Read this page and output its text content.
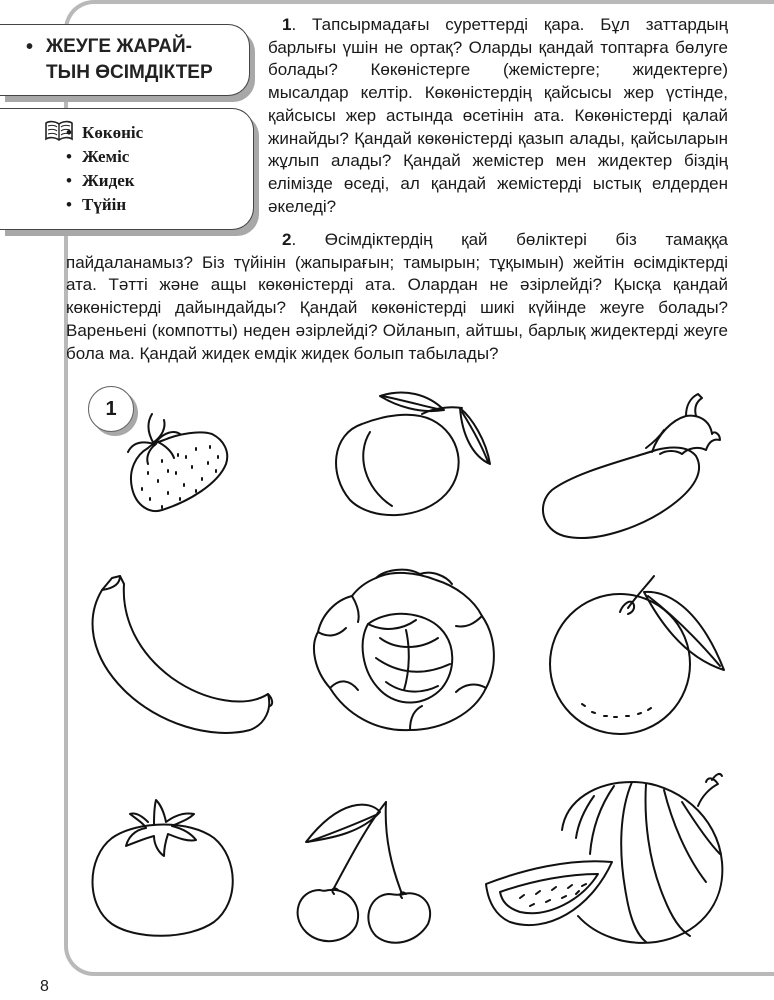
• ЖЕУГЕ ЖАРАЙ-
ТЫН ӨСІМДІКТЕР
• Көкөніс
• Жеміс
• Жидек
• Түйін
1. Тапсырмадағы суреттерді қара. Бұл заттардың барлығы үшін не ортақ? Оларды қандай топтарға бөлуге болады? Көкөністерге (жемістерге; жидектерге) мысалдар келтір. Көкөністердің қайсысы жер үстінде, қайсысы жер астында өсетінін ата. Көкөністерді қалай жинайды? Қандай көкөністерді қазып алады, қайсыларын жұлып алады? Қандай жемістер мен жидектер біздің елімізде өседі, ал қандай жемістерді ыстық елдерден әкеледі?
2. Өсімдіктердің қай бөліктері біз тамаққа пайдаланамыз? Біз түйінін (жапырағын; тамырын; тұқымын) жейтін өсімдіктерді ата. Тәтті және ащы көкөністерді ата. Олардан не әзірлейді? Қысқа қандай көкөністерді дайындайды? Қандай көкөністерді шикі күйінде жеуге болады? Вареньені (компотты) неден әзірлейді? Ойланып, айтшы, барлық жидектерді жеуге бола ма. Қандай жидек емдік жидек болып табылады?
1
8
